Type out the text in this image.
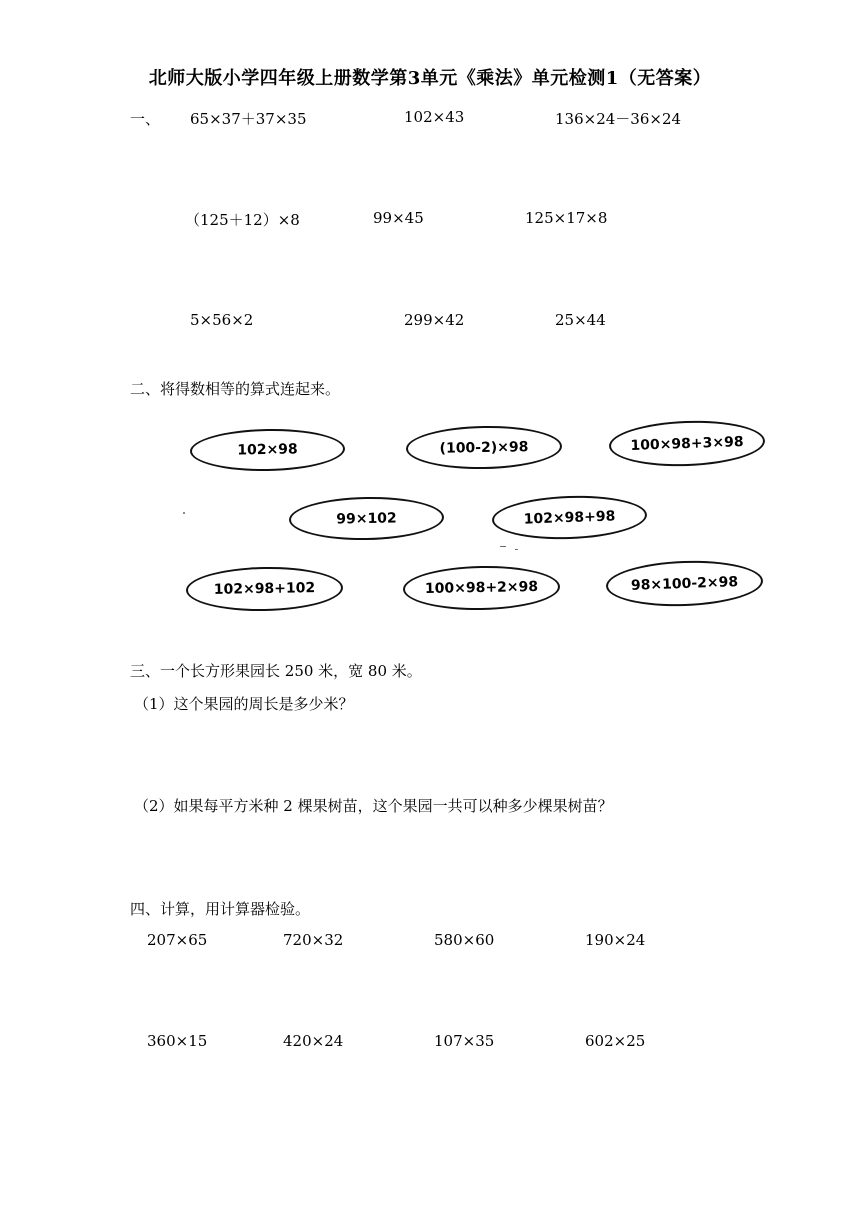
北师大版小学四年级上册数学第3单元《乘法》单元检测1（无答案）
一、 65×37＋37×35	102×43	136×24－36×24
（125＋12）×8	99×45	125×17×8
5×56×2	299×42	25×44
二、将得数相等的算式连起来。
102×98	(100-2)×98	100×98+3×98
99×102	102×98+98
102×98+102	100×98+2×98	98×100-2×98
三、一个长方形果园长 250 米，宽 80 米。
（1）这个果园的周长是多少米？
（2）如果每平方米种 2 棵果树苗，这个果园一共可以种多少棵果树苗？
四、计算，用计算器检验。
207×65	720×32	580×60	190×24
360×15	420×24	107×35	602×25
